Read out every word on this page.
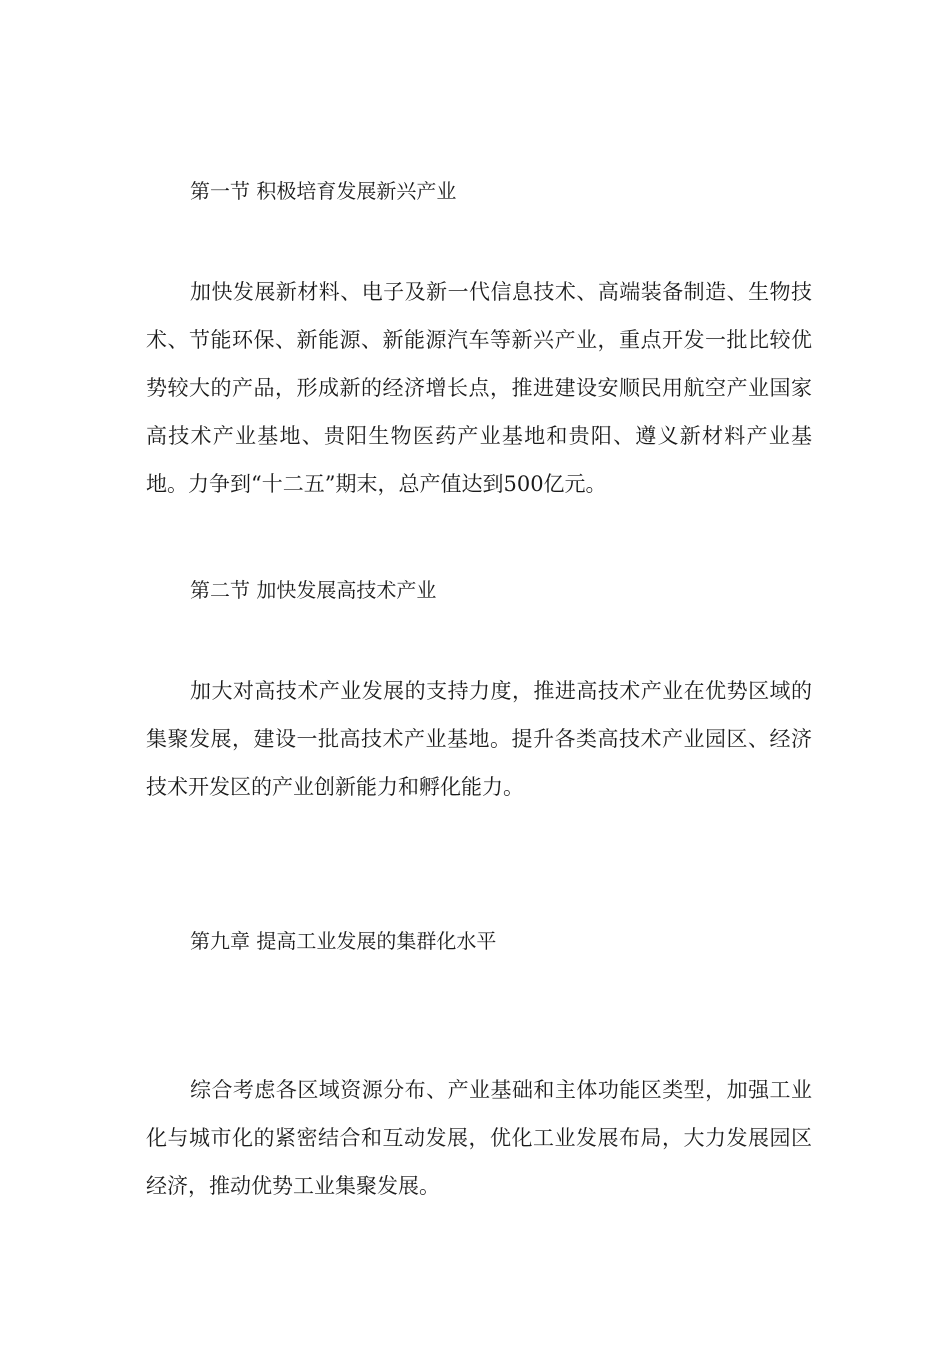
第一节 积极培育发展新兴产业

加快发展新材料、电子及新一代信息技术、高端装备制造、生物技术、节能环保、新能源、新能源汽车等新兴产业，重点开发一批比较优势较大的产品，形成新的经济增长点，推进建设安顺民用航空产业国家高技术产业基地、贵阳生物医药产业基地和贵阳、遵义新材料产业基地。力争到“十二五”期末，总产值达到500亿元。

第二节 加快发展高技术产业

加大对高技术产业发展的支持力度，推进高技术产业在优势区域的集聚发展，建设一批高技术产业基地。提升各类高技术产业园区、经济技术开发区的产业创新能力和孵化能力。

第九章 提高工业发展的集群化水平

综合考虑各区域资源分布、产业基础和主体功能区类型，加强工业化与城市化的紧密结合和互动发展，优化工业发展布局，大力发展园区经济，推动优势工业集聚发展。
